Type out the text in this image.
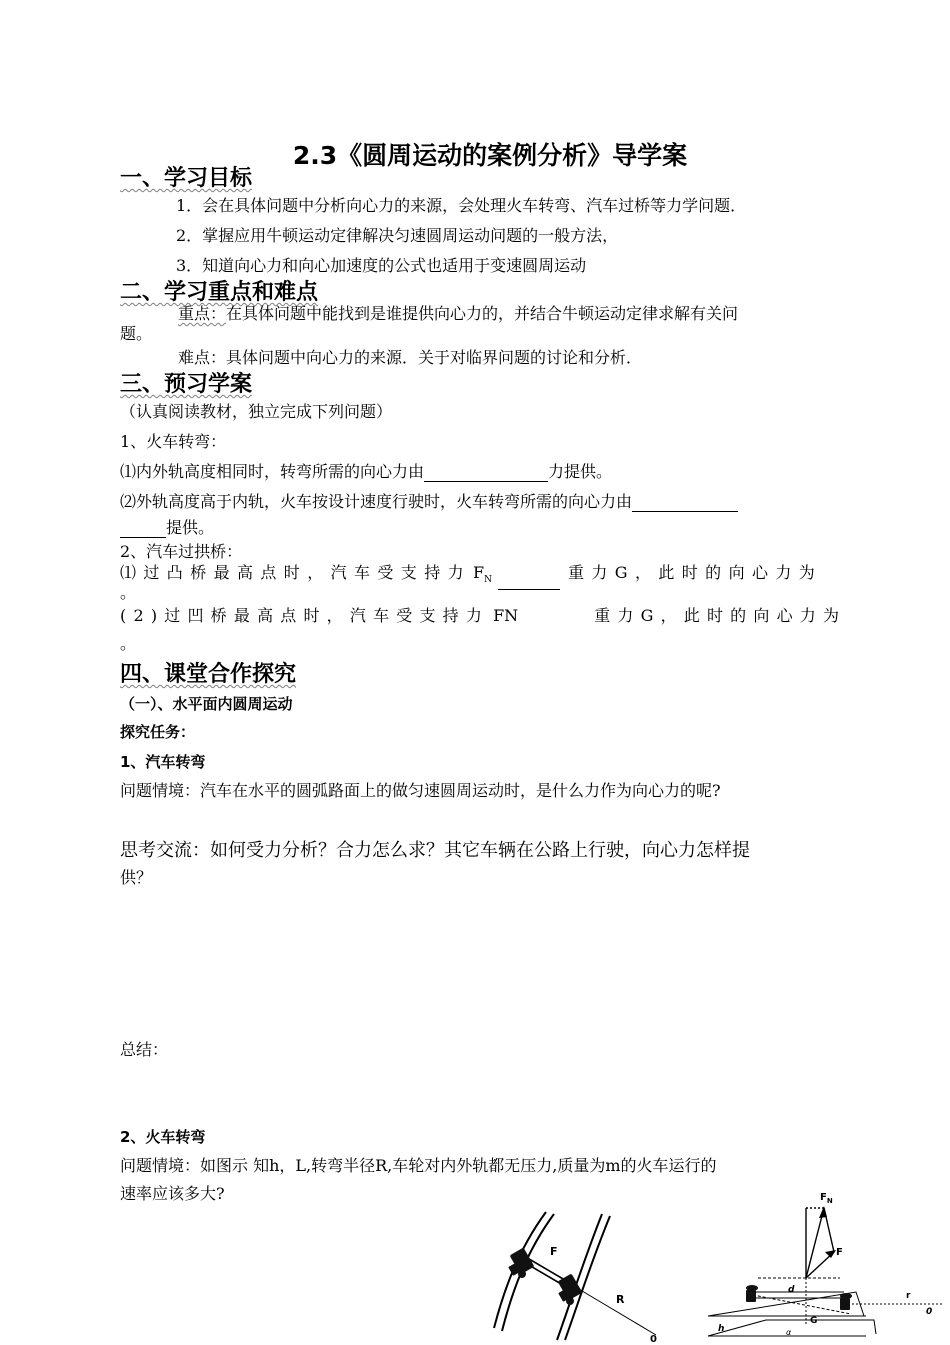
2.3《圆周运动的案例分析》导学案
一、学习目标
1．会在具体问题中分析向心力的来源，会处理火车转弯、汽车过桥等力学问题．
2．掌握应用牛顿运动定律解决匀速圆周运动问题的一般方法，
3．知道向心力和向心加速度的公式也适用于变速圆周运动
二、学习重点和难点
重点：在具体问题中能找到是谁提供向心力的，并结合牛顿运动定律求解有关问
题。
难点：具体问题中向心力的来源．关于对临界问题的讨论和分析．
三、预习学案
（认真阅读教材，独立完成下列问题）
1、火车转弯：
⑴内外轨高度相同时，转弯所需的向心力由	力提供。
⑵外轨高度高于内轨，火车按设计速度行驶时，火车转弯所需的向心力由
提供。
2、汽车过拱桥：
⑴过凸桥最高点时，汽车受支持力 $F_N$	重力G，此时的向心力为
。
(2)过凹桥最高点时，汽车受支持力 FN	重力G，此时的向心力为
。
四、课堂合作探究
（一）、水平面内圆周运动
探究任务：
1、汽车转弯
问题情境：汽车在水平的圆弧路面上的做匀速圆周运动时，是什么力作为向心力的呢?
思考交流：如何受力分析？合力怎么求？其它车辆在公路上行驶，向心力怎样提
供？
总结：
2、火车转弯
问题情境：如图示 知h，L,转弯半径R,车轮对内外轨都无压力,质量为m的火车运行的
速率应该多大?
F
R
0
$F_N$
F
d
G
h	α
r
0
